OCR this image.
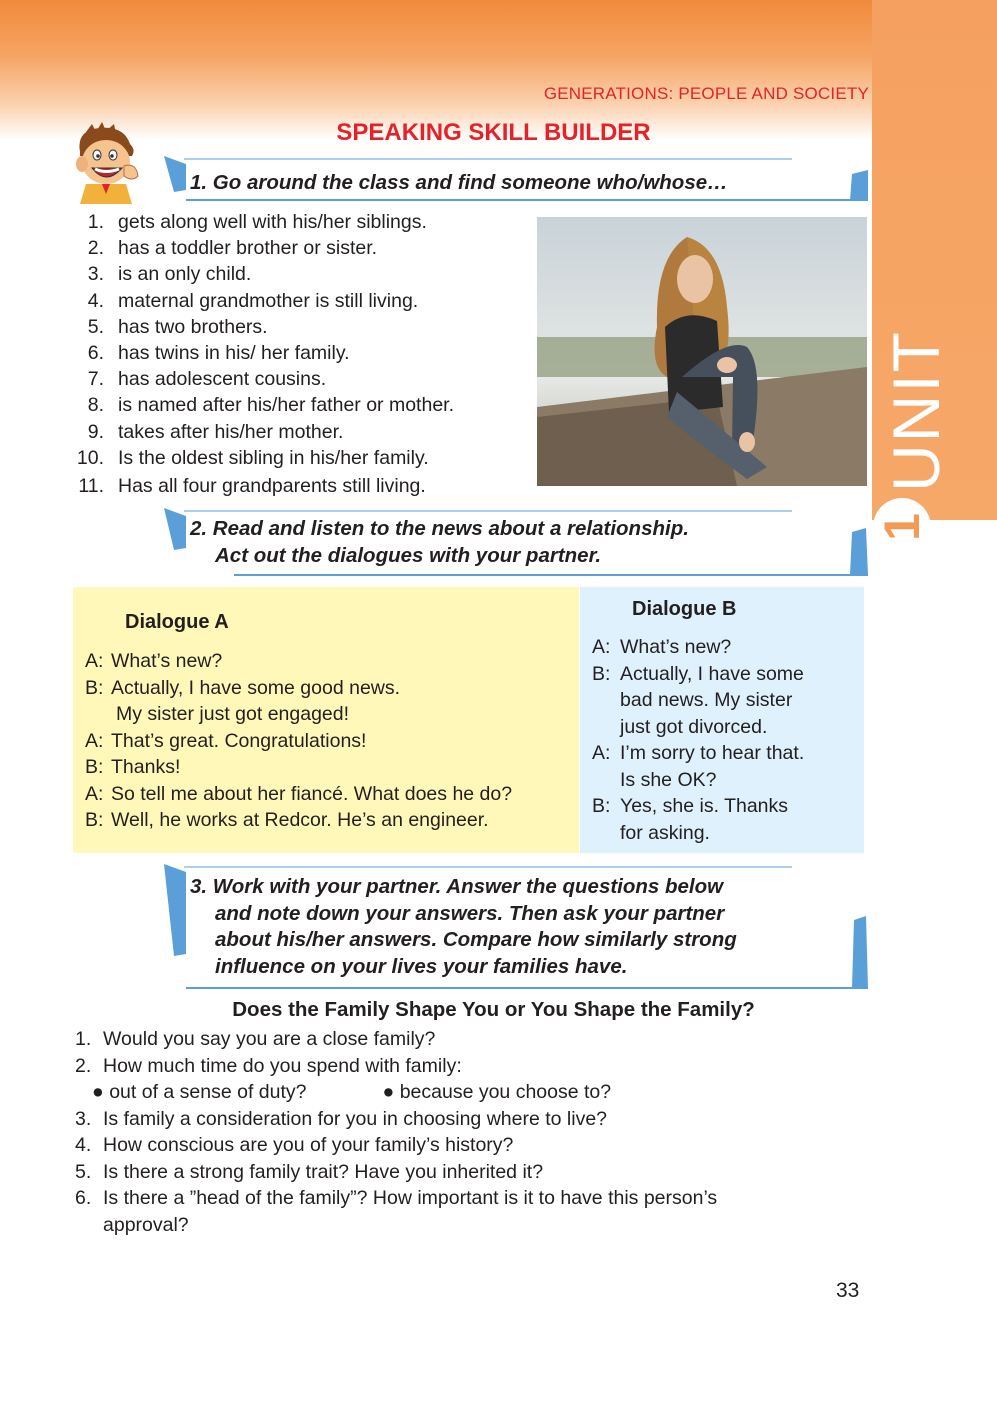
UNIT
1
GENERATIONS: PEOPLE AND SOCIETY
SPEAKING SKILL BUILDER
1. Go around the class and find someone who/whose…
1. gets along well with his/her siblings.
2. has a toddler brother or sister.
3. is an only child.
4. maternal grandmother is still living.
5. has two brothers.
6. has twins in his/ her family.
7. has adolescent cousins.
8. is named after his/her father or mother.
9. takes after his/her mother.
10. Is the oldest sibling in his/her family.
11. Has all four grandparents still living.
2. Read and listen to the news about a relationship.
Act out the dialogues with your partner.
Dialogue A
A: What’s new?
B: Actually, I have some good news.
My sister just got engaged!
A: That’s great. Congratulations!
B: Thanks!
A: So tell me about her fiancé. What does he do?
B: Well, he works at Redcor. He’s an engineer.
Dialogue B
A: What’s new?
B: Actually, I have some
bad news. My sister
just got divorced.
A: I’m sorry to hear that.
Is she OK?
B: Yes, she is. Thanks
for asking.
3. Work with your partner. Answer the questions below
and note down your answers. Then ask your partner
about his/her answers. Compare how similarly strong
influence on your lives your families have.
Does the Family Shape You or You Shape the Family?
1. Would you say you are a close family?
2. How much time do you spend with family:
● out of a sense of duty?	● because you choose to?
3. Is family a consideration for you in choosing where to live?
4. How conscious are you of your family’s history?
5. Is there a strong family trait? Have you inherited it?
6. Is there a ”head of the family”? How important is it to have this person’s
approval?
33
